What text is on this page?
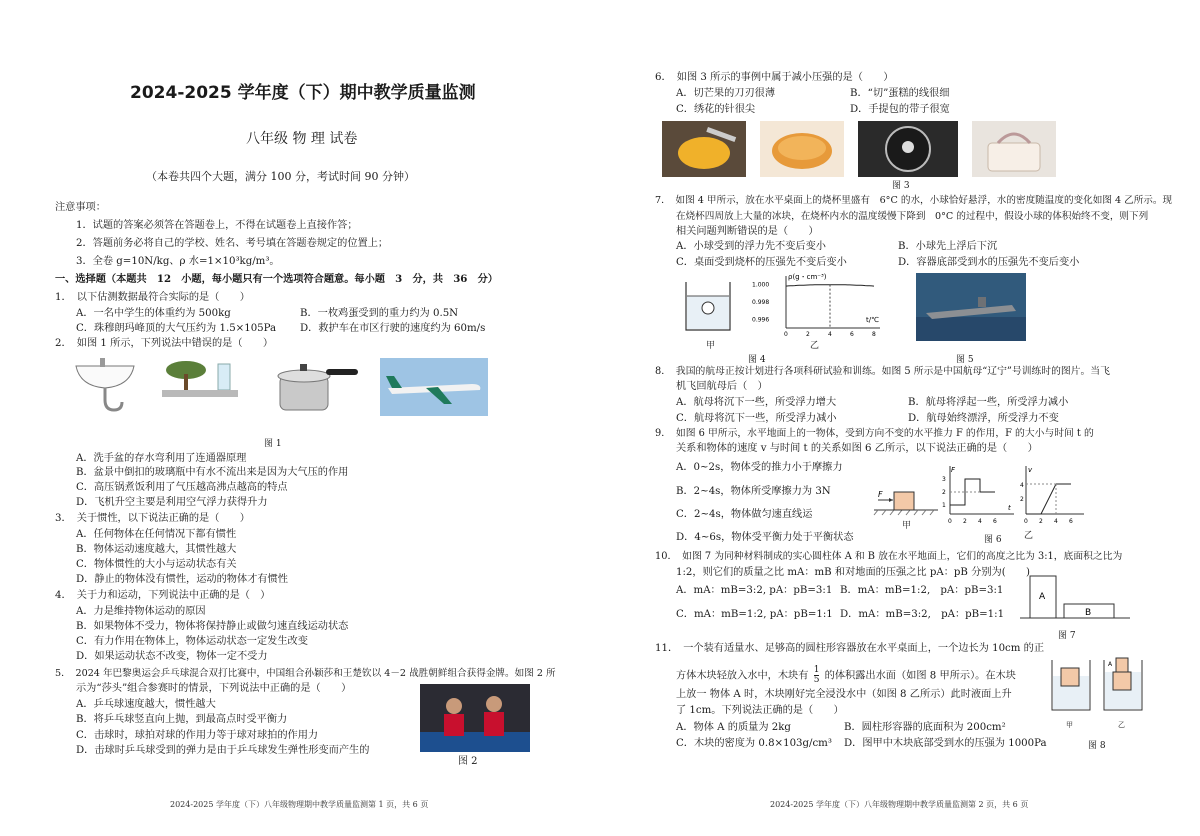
2024-2025 学年度（下）期中教学质量监测
八年级 物 理 试卷
（本卷共四个大题，满分 100 分，考试时间 90 分钟）
注意事项：
1．试题的答案必须答在答题卷上，不得在试题卷上直接作答；
2．答题前务必将自己的学校、姓名、考号填在答题卷规定的位置上；
3．全卷 g=10N/kg、ρ 水=1×10³kg/m³。
一、选择题（本题共　12　小题，每小题只有一个选项符合题意。每小题　3　分，共　36　分）
1．　以下估测数据最符合实际的是（　　）
A．一名中学生的体重约为 500kg	B．一枚鸡蛋受到的重力约为 0.5N
C．珠穆朗玛峰顶的大气压约为 1.5×105Pa D．救护车在市区行驶的速度约为 60m/s
2．　如图 1 所示，下列说法中错误的是（　　）
图 1
A．洗手盆的存水弯利用了连通器原理
B．盆景中倒扣的玻璃瓶中有水不流出来是因为大气压的作用
C．高压锅煮饭利用了气压越高沸点越高的特点
D．飞机升空主要是利用空气浮力获得升力
3．　关于惯性，以下说法正确的是（　　）
A．任何物体在任何情况下都有惯性
B．物体运动速度越大，其惯性越大
C．物体惯性的大小与运动状态有关
D．静止的物体没有惯性，运动的物体才有惯性
4．　关于力和运动，下列说法中正确的是（　）
A．力是维持物体运动的原因
B．如果物体不受力，物体将保持静止或做匀速直线运动状态
C．有力作用在物体上，物体运动状态一定发生改变
D．如果运动状态不改变，物体一定不受力
5．　2024 年巴黎奥运会乒乓球混合双打比赛中，中国组合孙颖莎和王楚钦以 4－2 战胜朝鲜组合获得金牌。如图 2 所
示为“莎头”组合参赛时的情景，下列说法中正确的是（　　）
A．乒乓球速度越大，惯性越大
B．将乒乓球竖直向上抛，到最高点时受平衡力
C．击球时，球拍对球的作用力等于球对球拍的作用力
D．击球时乒乓球受到的弹力是由于乒乓球发生弹性形变而产生的
图 2
2024-2025 学年度（下）八年级物理期中教学质量监测第 1 页，共 6 页
6．　如图 3 所示的事例中属于减小压强的是（　　）
A．切芒果的刀刃很薄	B．“切”蛋糕的线很细
C．绣花的针很尖	D．手提包的带子很宽
图 3
7．　如图 4 甲所示，放在水平桌面上的烧杯里盛有　6°C 的水，小球恰好悬浮，水的密度随温度的变化如图 4 乙所示。现
在烧杯四周放上大量的冰块，在烧杯内水的温度缓慢下降到　0°C 的过程中，假设小球的体积始终不变，则下列
相关问题判断错误的是（　　）
A．小球受到的浮力先不变后变小	B．小球先上浮后下沉
C．桌面受到烧杯的压强先不变后变小	D．容器底部受到水的压强先不变后变小
甲
ρ(g・cm⁻³)
t/℃
1.000
0.998
0.996
0	2	4	6	8
乙
图 4	图 5
8．　我国的航母正按计划进行各项科研试验和训练。如图 5 所示是中国航母“辽宁”号训练时的图片。当飞
机飞回航母后（　）
A．航母将沉下一些，所受浮力增大	B．航母将浮起一些，所受浮力减小
C．航母将沉下一些，所受浮力减小	D．航母始终漂浮，所受浮力不变
9．　如图 6 甲所示，水平地面上的一物体，受到方向不变的水平推力 F 的作用，F 的大小与时间 t 的
关系和物体的速度 v 与时间 t 的关系如图 6 乙所示，以下说法正确的是（　　）
A．0~2s，物体受的推力小于摩擦力
B．2~4s，物体所受摩擦力为 3N
C．2~4s，物体做匀速直线运
D．4~6s，物体受平衡力处于平衡状态
F
甲
F
t
3
2
1
0 2 4 6
v
4
2
0 2 4 6
乙
图 6
10．　如图 7 为同种材料制成的实心圆柱体 A 和 B 放在水平地面上，它们的高度之比为 3:1，底面积之比为
1:2，则它们的质量之比 mA：mB 和对地面的压强之比 pA：pB 分别为(　　)
A．mA：mB=3:2, pA：pB=3:1 B．mA：mB=1:2,　pA：pB=3:1
C．mA：mB=1:2, pA：pB=1:1 D．mA：mB=3:2,　pA：pB=1:1
A
B
图 7
11．　一个装有适量水、足够高的圆柱形容器放在水平桌面上，一个边长为 10cm 的正
方体木块轻放入水中，木块有 $\frac{1}{5}$ 的体积露出水面（如图 8 甲所示）。在木块
上放一 物体 A 时，木块刚好完全浸没水中（如图 8 乙所示）此时液面上升
了 1cm。下列说法正确的是（　　）
A．物体 A 的质量为 2kg	B．圆柱形容器的底面积为 200cm²
C．木块的密度为 0.8×103g/cm³ D．图甲中木块底部受到水的压强为 1000Pa
A
甲	乙
图 8
2024-2025 学年度（下）八年级物理期中教学质量监测第 2 页，共 6 页
